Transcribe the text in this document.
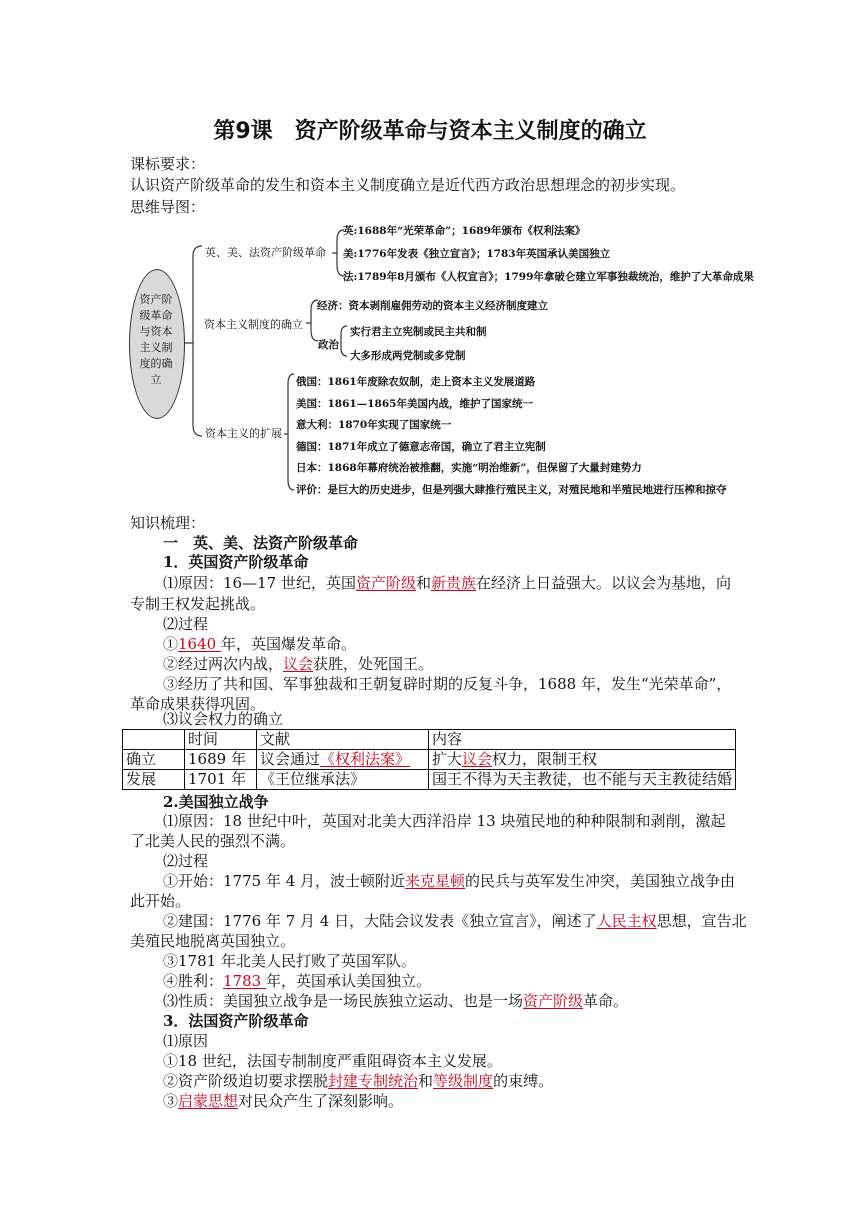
第9课　资产阶级革命与资本主义制度的确立
课标要求：
认识资产阶级革命的发生和资本主义制度确立是近代西方政治思想理念的初步实现。
思维导图：
资产阶级革命与资本主义制度的确立
英、美、法资产阶级革命
英:1688年“光荣革命”；1689年颁布《权利法案》
美:1776年发表《独立宣言》；1783年英国承认美国独立
法:1789年8月颁布《人权宣言》；1799年拿破仑建立军事独裁统治，维护了大革命成果
资本主义制度的确立
经济：资本剥削雇佣劳动的资本主义经济制度建立
政治
实行君主立宪制或民主共和制
大多形成两党制或多党制
资本主义的扩展
俄国：1861年废除农奴制，走上资本主义发展道路
美国：1861—1865年美国内战，维护了国家统一
意大利：1870年实现了国家统一
德国：1871年成立了德意志帝国，确立了君主立宪制
日本：1868年幕府统治被推翻，实施“明治维新”，但保留了大量封建势力
评价：是巨大的历史进步，但是列强大肆推行殖民主义，对殖民地和半殖民地进行压榨和掠夺
知识梳理：
一　英、美、法资产阶级革命
1．英国资产阶级革命
⑴原因：16—17 世纪，英国资产阶级和新贵族在经济上日益强大。以议会为基地，向
专制王权发起挑战。
⑵过程
①1640 年，英国爆发革命。
②经过两次内战，议会获胜，处死国王。
③经历了共和国、军事独裁和王朝复辟时期的反复斗争，1688 年，发生“光荣革命”，
革命成果获得巩固。
⑶议会权力的确立
	时间	文献	内容
确立	1689 年	议会通过《权利法案》	扩大议会权力，限制王权
发展	1701 年	《王位继承法》	国王不得为天主教徒，也不能与天主教徒结婚
2.美国独立战争
⑴原因：18 世纪中叶，英国对北美大西洋沿岸 13 块殖民地的种种限制和剥削，激起
了北美人民的强烈不满。
⑵过程
①开始：1775 年 4 月，波士顿附近来克星顿的民兵与英军发生冲突，美国独立战争由
此开始。
②建国：1776 年 7 月 4 日，大陆会议发表《独立宣言》，阐述了人民主权思想，宣告北
美殖民地脱离英国独立。
③1781 年北美人民打败了英国军队。
④胜利：1783 年，英国承认美国独立。
⑶性质：美国独立战争是一场民族独立运动、也是一场资产阶级革命。
3．法国资产阶级革命
⑴原因
①18 世纪，法国专制制度严重阻碍资本主义发展。
②资产阶级迫切要求摆脱封建专制统治和等级制度的束缚。
③启蒙思想对民众产生了深刻影响。
